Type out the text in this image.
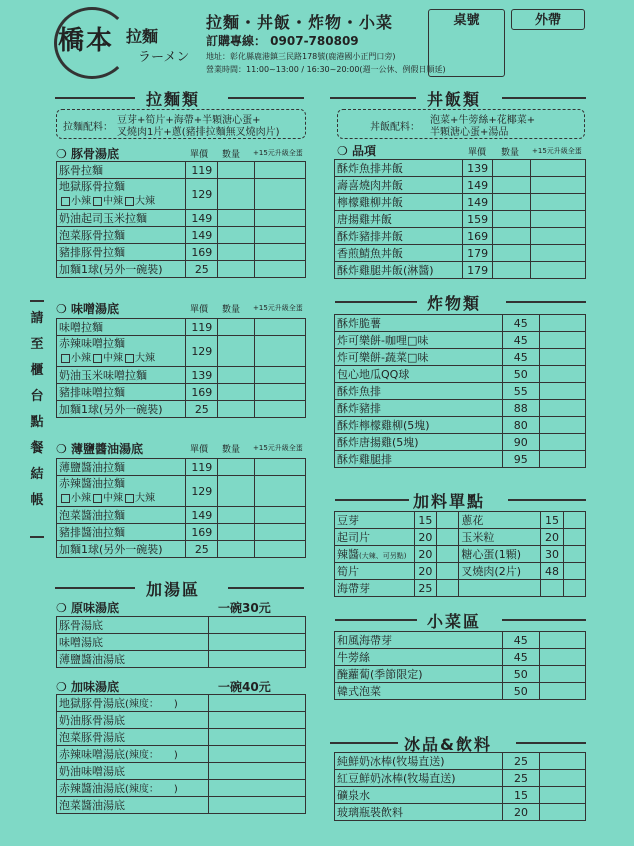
橋本 拉麵
ラーメン
拉麵・丼飯・炸物・小菜
訂購專線： 0907-780809
地址：彰化縣鹿港鎮三民路178號(鹿港國小正門口旁)
營業時間：11:00~13:00 / 16:30~20:00(週一公休、例假日順延)
桌號	外帶
請
至
櫃
台
點
餐
結
帳
拉麵類
拉麵配料：
豆芽+筍片+海帶+半顆溏心蛋+
叉燒肉1片+蔥(豬排拉麵無叉燒肉片)
❍ 豚骨湯底	單價 數量 +15元升級全蛋
豚骨拉麵	119		

地獄豚骨拉麵
小辣 中辣 大辣	129		
奶油起司玉米拉麵	149		
泡菜豚骨拉麵	149		
豬排豚骨拉麵	169		
加麵1球(另外一碗裝)	25		
❍ 味噌湯底	單價 數量 +15元升級全蛋
味噌拉麵	119		

赤辣味噌拉麵
小辣 中辣 大辣	129		
奶油玉米味噌拉麵	139		
豬排味噌拉麵	169		
加麵1球(另外一碗裝)	25		
❍ 薄鹽醬油湯底	單價 數量 +15元升級全蛋
薄鹽醬油拉麵	119		

赤辣醬油拉麵
小辣 中辣 大辣	129		
泡菜醬油拉麵	149		
豬排醬油拉麵	169		
加麵1球(另外一碗裝)	25		
加湯區
❍ 原味湯底	一碗30元
豚骨湯底	
味噌湯底	
薄鹽醬油湯底	
❍ 加味湯底	一碗40元
地獄豚骨湯底(辣度：　　)	
奶油豚骨湯底	
泡菜豚骨湯底	
赤辣味噌湯底(辣度：　　)	
奶油味噌湯底	
赤辣醬油湯底(辣度：　　)	
泡菜醬油湯底	
丼飯類
丼飯配料：
泡菜+牛蒡絲+花椰菜+
半顆溏心蛋+湯品
❍ 品項	單價 數量 +15元升級全蛋
酥炸魚排丼飯	139		
壽喜燒肉丼飯	149		
檸檬雞柳丼飯	149		
唐揚雞丼飯	159		
酥炸豬排丼飯	169		
香煎鯖魚丼飯	179		
酥炸雞腿丼飯(淋醬)	179		
炸物類
酥炸脆薯	45	
炸可樂餅-咖哩□味	45	
炸可樂餅-蔬菜□味	45	
包心地瓜QQ球	50	
酥炸魚排	55	
酥炸豬排	88	
酥炸檸檬雞柳(5塊)	80	
酥炸唐揚雞(5塊)	90	
酥炸雞腿排	95	
加料單點
豆芽	15		蔥花	15	
起司片	20		玉米粒	20	
辣醬(大辣、可另點)	20		糖心蛋(1顆)	30	
筍片	20		叉燒肉(2片)	48	
海帶芽	25				
小菜區
和風海帶芽	45	
牛蒡絲	45	
醃蘿蔔(季節限定)	50	
韓式泡菜	50	
冰品&飲料
純鮮奶冰棒(牧場直送)	25	
紅豆鮮奶冰棒(牧場直送)	25	
礦泉水	15	
玻璃瓶裝飲料	20	
